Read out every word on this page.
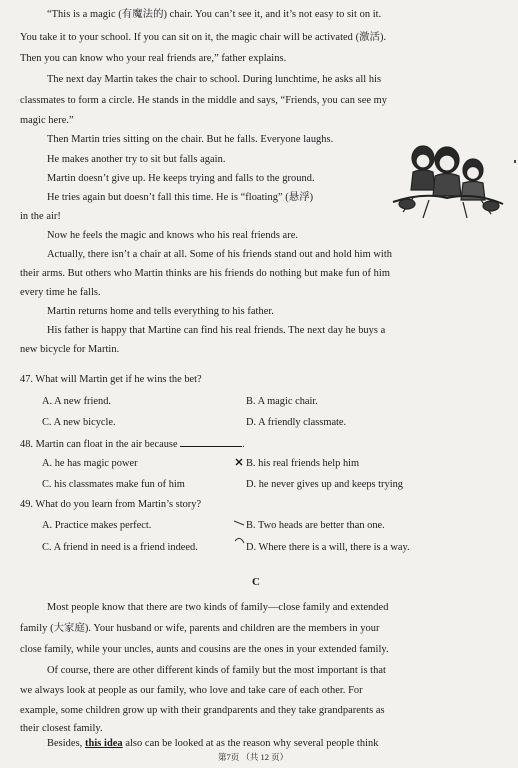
“This is a magic (有魔法的) chair. You can’t see it, and it’s not easy to sit on it.
You take it to your school. If you can sit on it, the magic chair will be activated (激活).
Then you can know who your real friends are,” father explains.
The next day Martin takes the chair to school. During lunchtime, he asks all his
classmates to form a circle. He stands in the middle and says, “Friends, you can see my
magic here.”
Then Martin tries sitting on the chair. But he falls. Everyone laughs.
He makes another try to sit but falls again.
Martin doesn’t give up. He keeps trying and falls to the ground.
He tries again but doesn’t fall this time. He is “floating” (悬浮)
in the air!
Now he feels the magic and knows who his real friends are.
Actually, there isn’t a chair at all. Some of his friends stand out and hold him with
their arms. But others who Martin thinks are his friends do nothing but make fun of him
every time he falls.
Martin returns home and tells everything to his father.
His father is happy that Martine can find his real friends. The next day he buys a
new bicycle for Martin.
47. What will Martin get if he wins the bet?
A. A new friend.	B. A magic chair.
C. A new bicycle.	D. A friendly classmate.
48. Martin can float in the air because	.
A. he has magic power	B. his real friends help him
C. his classmates make fun of him	D. he never gives up and keeps trying
49. What do you learn from Martin’s story?
A. Practice makes perfect.	B. Two heads are better than one.
C. A friend in need is a friend indeed.	D. Where there is a will, there is a way.
C
Most people know that there are two kinds of family—close family and extended
family (大家庭). Your husband or wife, parents and children are the members in your
close family, while your uncles, aunts and cousins are the ones in your extended family.
Of course, there are other different kinds of family but the most important is that
we always look at people as our family, who love and take care of each other. For
example, some children grow up with their grandparents and they take grandparents as
their closest family.
Besides, this idea also can be looked at as the reason why several people think
第7页 （共 12 页）
